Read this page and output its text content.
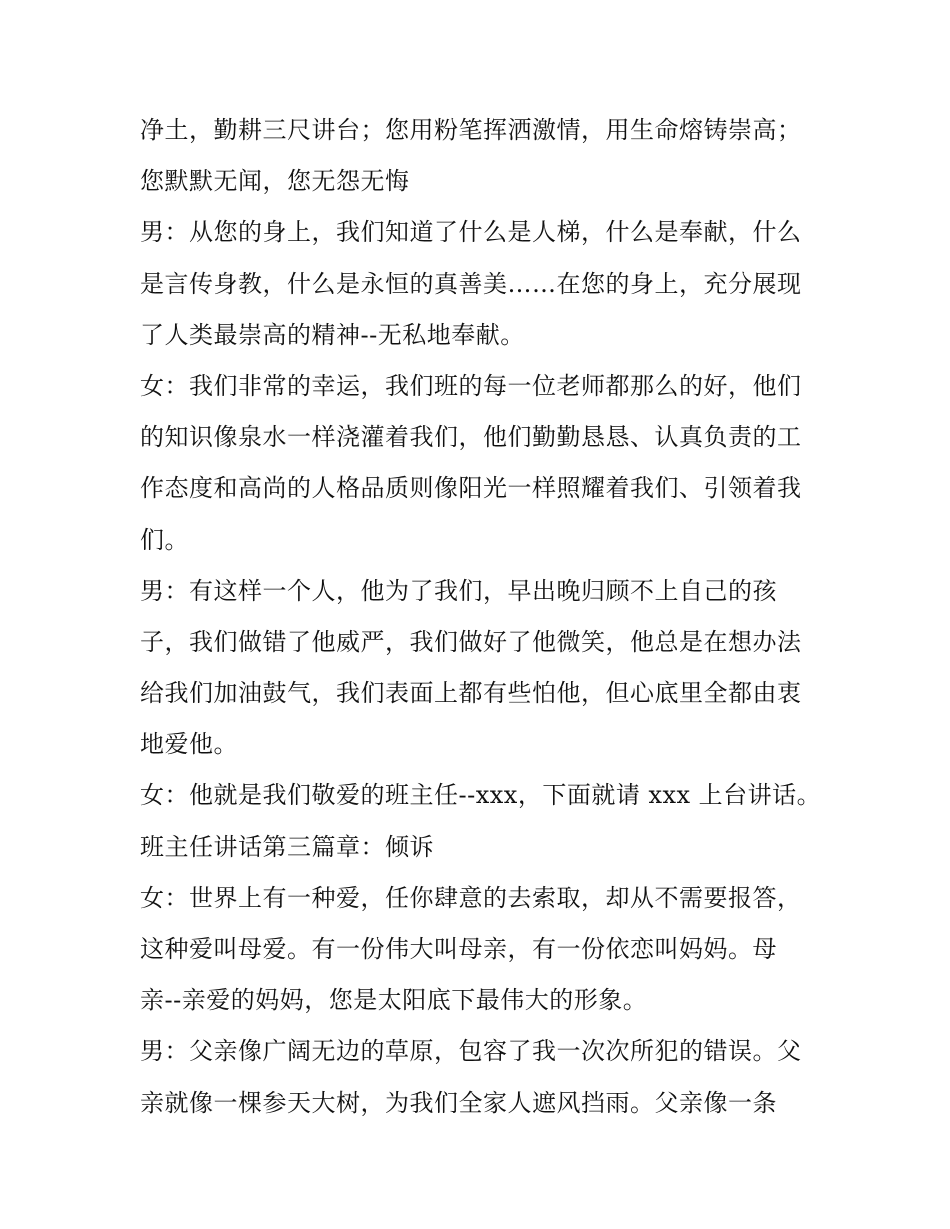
净土，勤耕三尺讲台；您用粉笔挥洒激情，用生命熔铸崇高；
您默默无闻，您无怨无悔
男：从您的身上，我们知道了什么是人梯，什么是奉献，什么
是言传身教，什么是永恒的真善美……在您的身上，充分展现
了人类最崇高的精神--无私地奉献。
女：我们非常的幸运，我们班的每一位老师都那么的好，他们
的知识像泉水一样浇灌着我们，他们勤勤恳恳、认真负责的工
作态度和高尚的人格品质则像阳光一样照耀着我们、引领着我
们。
男：有这样一个人，他为了我们，早出晚归顾不上自己的孩
子，我们做错了他威严，我们做好了他微笑，他总是在想办法
给我们加油鼓气，我们表面上都有些怕他，但心底里全都由衷
地爱他。
女：他就是我们敬爱的班主任--xxx，下面就请 xxx 上台讲话。
班主任讲话第三篇章：倾诉
女：世界上有一种爱，任你肆意的去索取，却从不需要报答，
这种爱叫母爱。有一份伟大叫母亲，有一份依恋叫妈妈。母
亲--亲爱的妈妈，您是太阳底下最伟大的形象。
男：父亲像广阔无边的草原，包容了我一次次所犯的错误。父
亲就像一棵参天大树，为我们全家人遮风挡雨。父亲像一条
